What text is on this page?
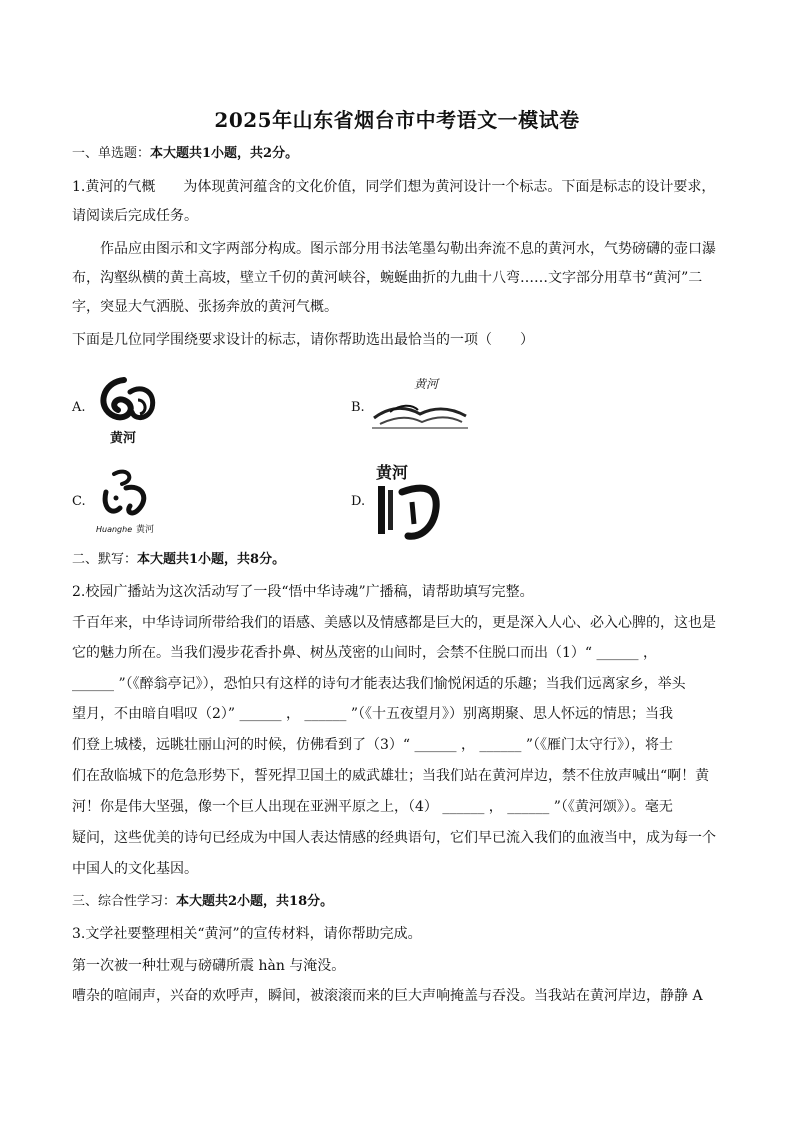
2025年山东省烟台市中考语文一模试卷
一、单选题：本大题共1小题，共2分。
1.黄河的气概　　为体现黄河蕴含的文化价值，同学们想为黄河设计一个标志。下面是标志的设计要求，
请阅读后完成任务。
作品应由图示和文字两部分构成。图示部分用书法笔墨勾勒出奔流不息的黄河水，气势磅礴的壶口瀑
布，沟壑纵横的黄土高坡，壁立千仞的黄河峡谷，蜿蜒曲折的九曲十八弯……文字部分用草书“黄河”二
字，突显大气洒脱、张扬奔放的黄河气概。
下面是几位同学围绕要求设计的标志，请你帮助选出最恰当的一项（　　）
A.
黄河
B.
黄河
C.
Huanghe 黄河
D.
黄河
二、默写：本大题共1小题，共8分。
2.校园广播站为这次活动写了一段“悟中华诗魂”广播稿，请帮助填写完整。
千百年来，中华诗词所带给我们的语感、美感以及情感都是巨大的，更是深入人心、必入心脾的，这也是
它的魅力所在。当我们漫步花香扑鼻、树丛茂密的山间时，会禁不住脱口而出（1）“ ______ ，
______ ”（《醉翁亭记》），恐怕只有这样的诗句才能表达我们愉悦闲适的乐趣；当我们远离家乡，举头
望月，不由暗自唱叹（2）” ______ ， ______ ”（《十五夜望月》）别离期聚、思人怀远的情思；当我
们登上城楼，远眺壮丽山河的时候，仿佛看到了（3）“ ______ ， ______ ”（《雁门太守行》），将士
们在敌临城下的危急形势下，誓死捍卫国土的威武雄壮；当我们站在黄河岸边，禁不住放声喊出“啊！黄
河！你是伟大坚强，像一个巨人出现在亚洲平原之上，（4） ______ ， ______ ”（《黄河颂》）。毫无
疑问，这些优美的诗句已经成为中国人表达情感的经典语句，它们早已流入我们的血液当中，成为每一个
中国人的文化基因。
三、综合性学习：本大题共2小题，共18分。
3.文学社要整理相关“黄河”的宣传材料，请你帮助完成。
第一次被一种壮观与磅礴所震 hàn 与淹没。
嘈杂的喧闹声，兴奋的欢呼声，瞬间，被滚滚而来的巨大声响掩盖与吞没。当我站在黄河岸边，静静 A
